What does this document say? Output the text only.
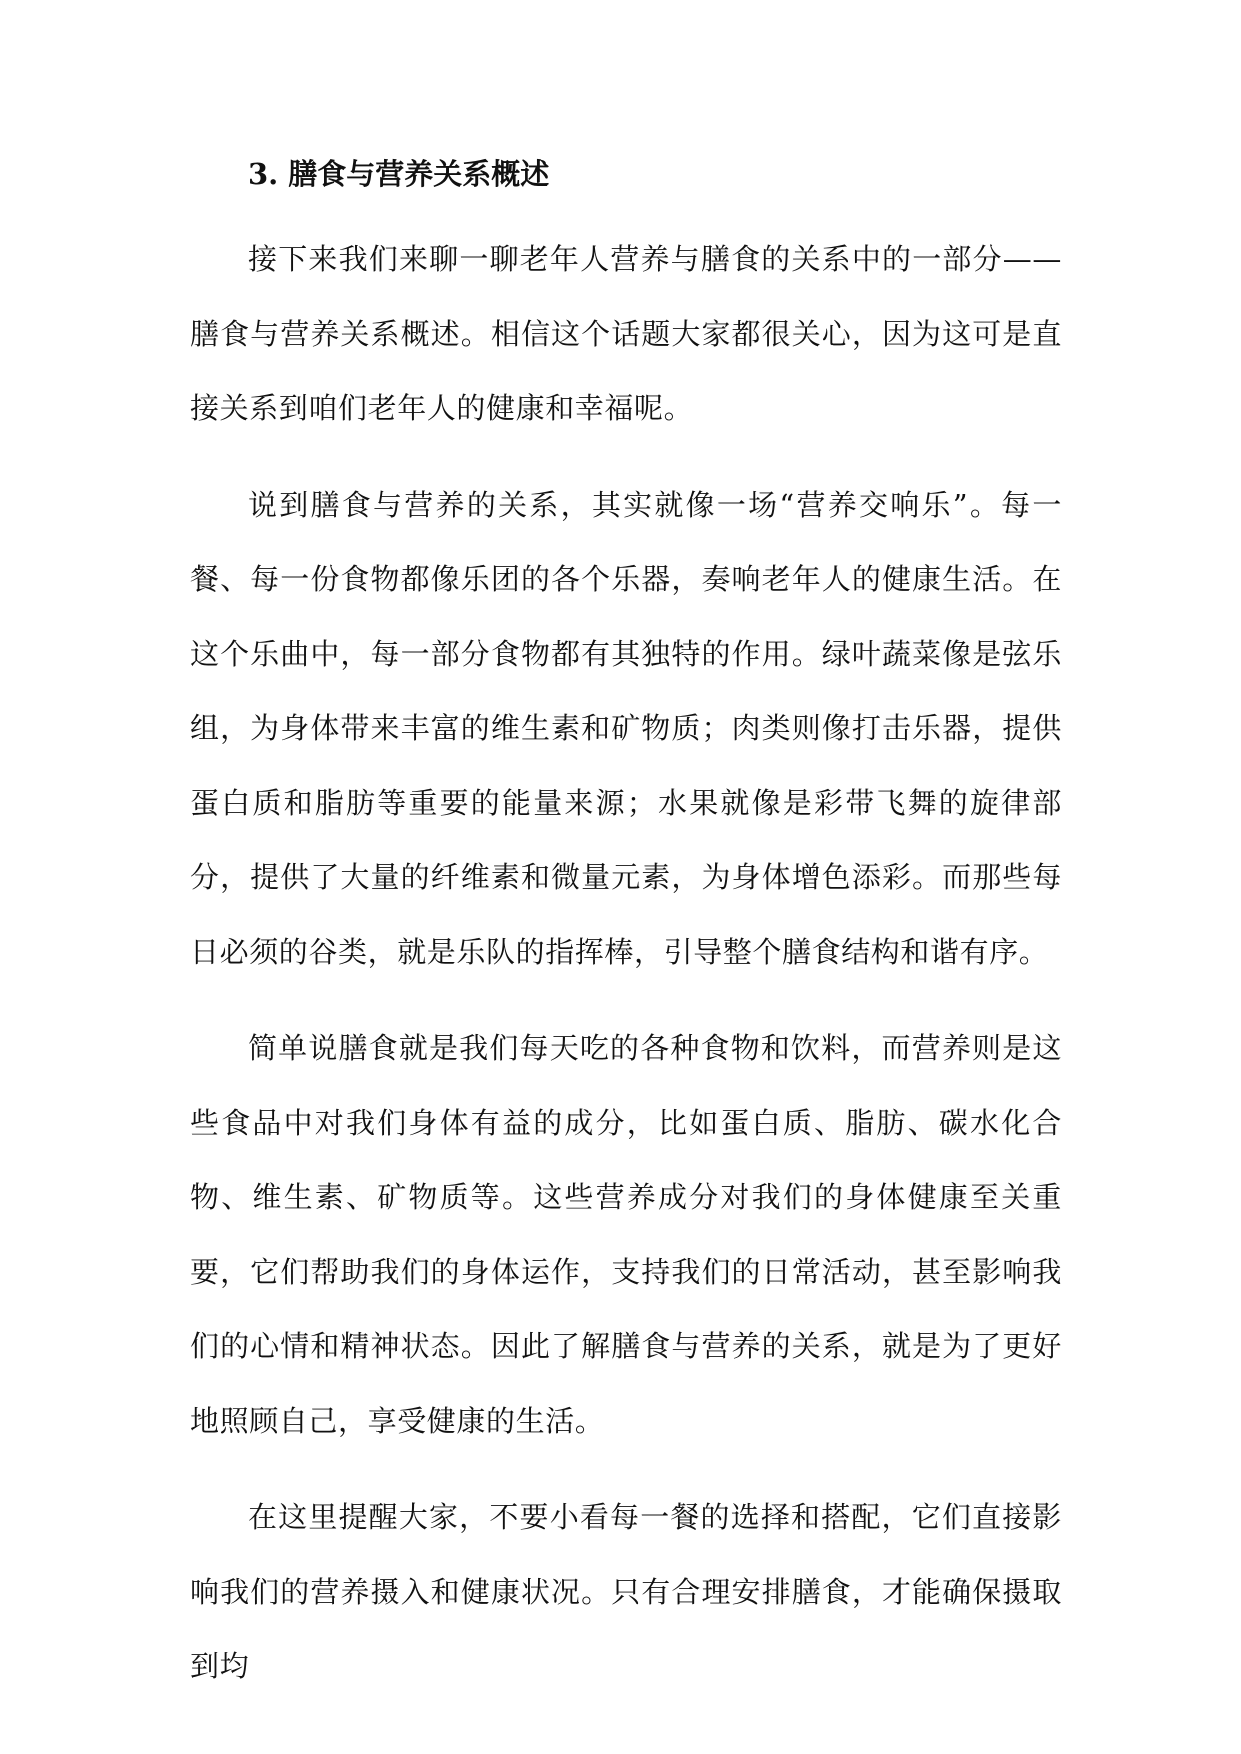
3. 膳食与营养关系概述

接下来我们来聊一聊老年人营养与膳食的关系中的一部分——膳食与营养关系概述。相信这个话题大家都很关心，因为这可是直接关系到咱们老年人的健康和幸福呢。

说到膳食与营养的关系，其实就像一场“营养交响乐”。每一餐、每一份食物都像乐团的各个乐器，奏响老年人的健康生活。在这个乐曲中，每一部分食物都有其独特的作用。绿叶蔬菜像是弦乐组，为身体带来丰富的维生素和矿物质；肉类则像打击乐器，提供蛋白质和脂肪等重要的能量来源；水果就像是彩带飞舞的旋律部分，提供了大量的纤维素和微量元素，为身体增色添彩。而那些每日必须的谷类，就是乐队的指挥棒，引导整个膳食结构和谐有序。

简单说膳食就是我们每天吃的各种食物和饮料，而营养则是这些食品中对我们身体有益的成分，比如蛋白质、脂肪、碳水化合物、维生素、矿物质等。这些营养成分对我们的身体健康至关重要，它们帮助我们的身体运作，支持我们的日常活动，甚至影响我们的心情和精神状态。因此了解膳食与营养的关系，就是为了更好地照顾自己，享受健康的生活。

在这里提醒大家，不要小看每一餐的选择和搭配，它们直接影响我们的营养摄入和健康状况。只有合理安排膳食，才能确保摄取到均
